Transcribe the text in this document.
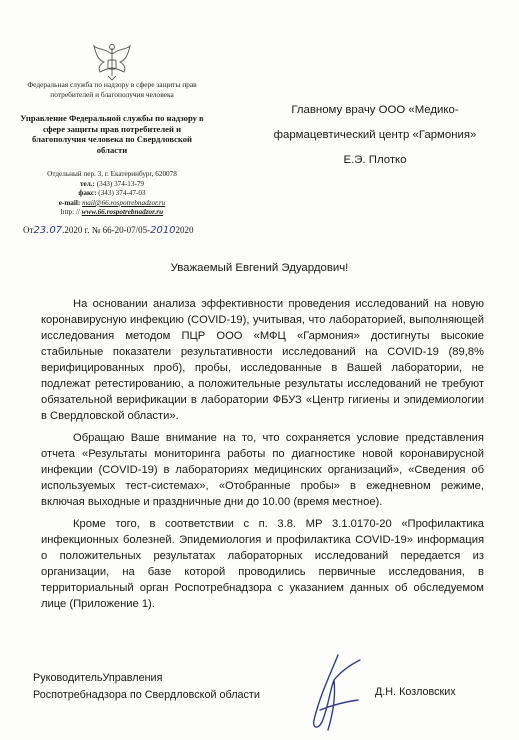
Федеральная служба по надзору в сфере защиты прав потребителей и благополучия человека
Управление Федеральной службы по надзору в сфере защиты прав потребителей и благополучия человека по Свердловской области
Отдельный пер. 3, г. Екатеринбург, 620078
тел.: (343) 374-13-79
факс: (343) 374-47-03
e-mail: mail@66.rospotrebnadzor.ru
http: // www.66.rospotrebnadzor.ru
От23.07.2020 г. № 66-20-07/05-20102020
Главному врачу ООО «Медико-
фармацевтический центр «Гармония»
Е.Э. Плотко
Уважаемый Евгений Эдуардович!

На основании анализа эффективности проведения исследований на новую коронавирусную инфекцию (COVID-19), учитывая, что лабораторией, выполняющей исследования методом ПЦР ООО «МФЦ «Гармония» достигнуты высокие стабильные показатели результативности исследований на COVID-19 (89,8% верифицированных проб), пробы, исследованные в Вашей лаборатории, не подлежат ретестированию, а положительные результаты исследований не требуют обязательной верификации в лаборатории ФБУЗ «Центр гигиены и эпидемиологии в Свердловской области».

Обращаю Ваше внимание на то, что сохраняется условие представления отчета «Результаты мониторинга работы по диагностике новой коронавирусной инфекции (COVID-19) в лабораториях медицинских организаций», «Сведения об используемых тест-системах», «Отобранные пробы» в ежедневном режиме, включая выходные и праздничные дни до 10.00 (время местное).

Кроме того, в соответствии с п. 3.8. МР 3.1.0170-20 «Профилактика инфекционных болезней. Эпидемиология и профилактика COVID-19» информация о положительных результатах лабораторных исследований передается из организации, на базе которой проводились первичные исследования, в территориальный орган Роспотребнадзора с указанием данных об обследуемом лице (Приложение 1).

РуководительУправления
Роспотребнадзора по Свердловской области	Д.Н. Козловских
